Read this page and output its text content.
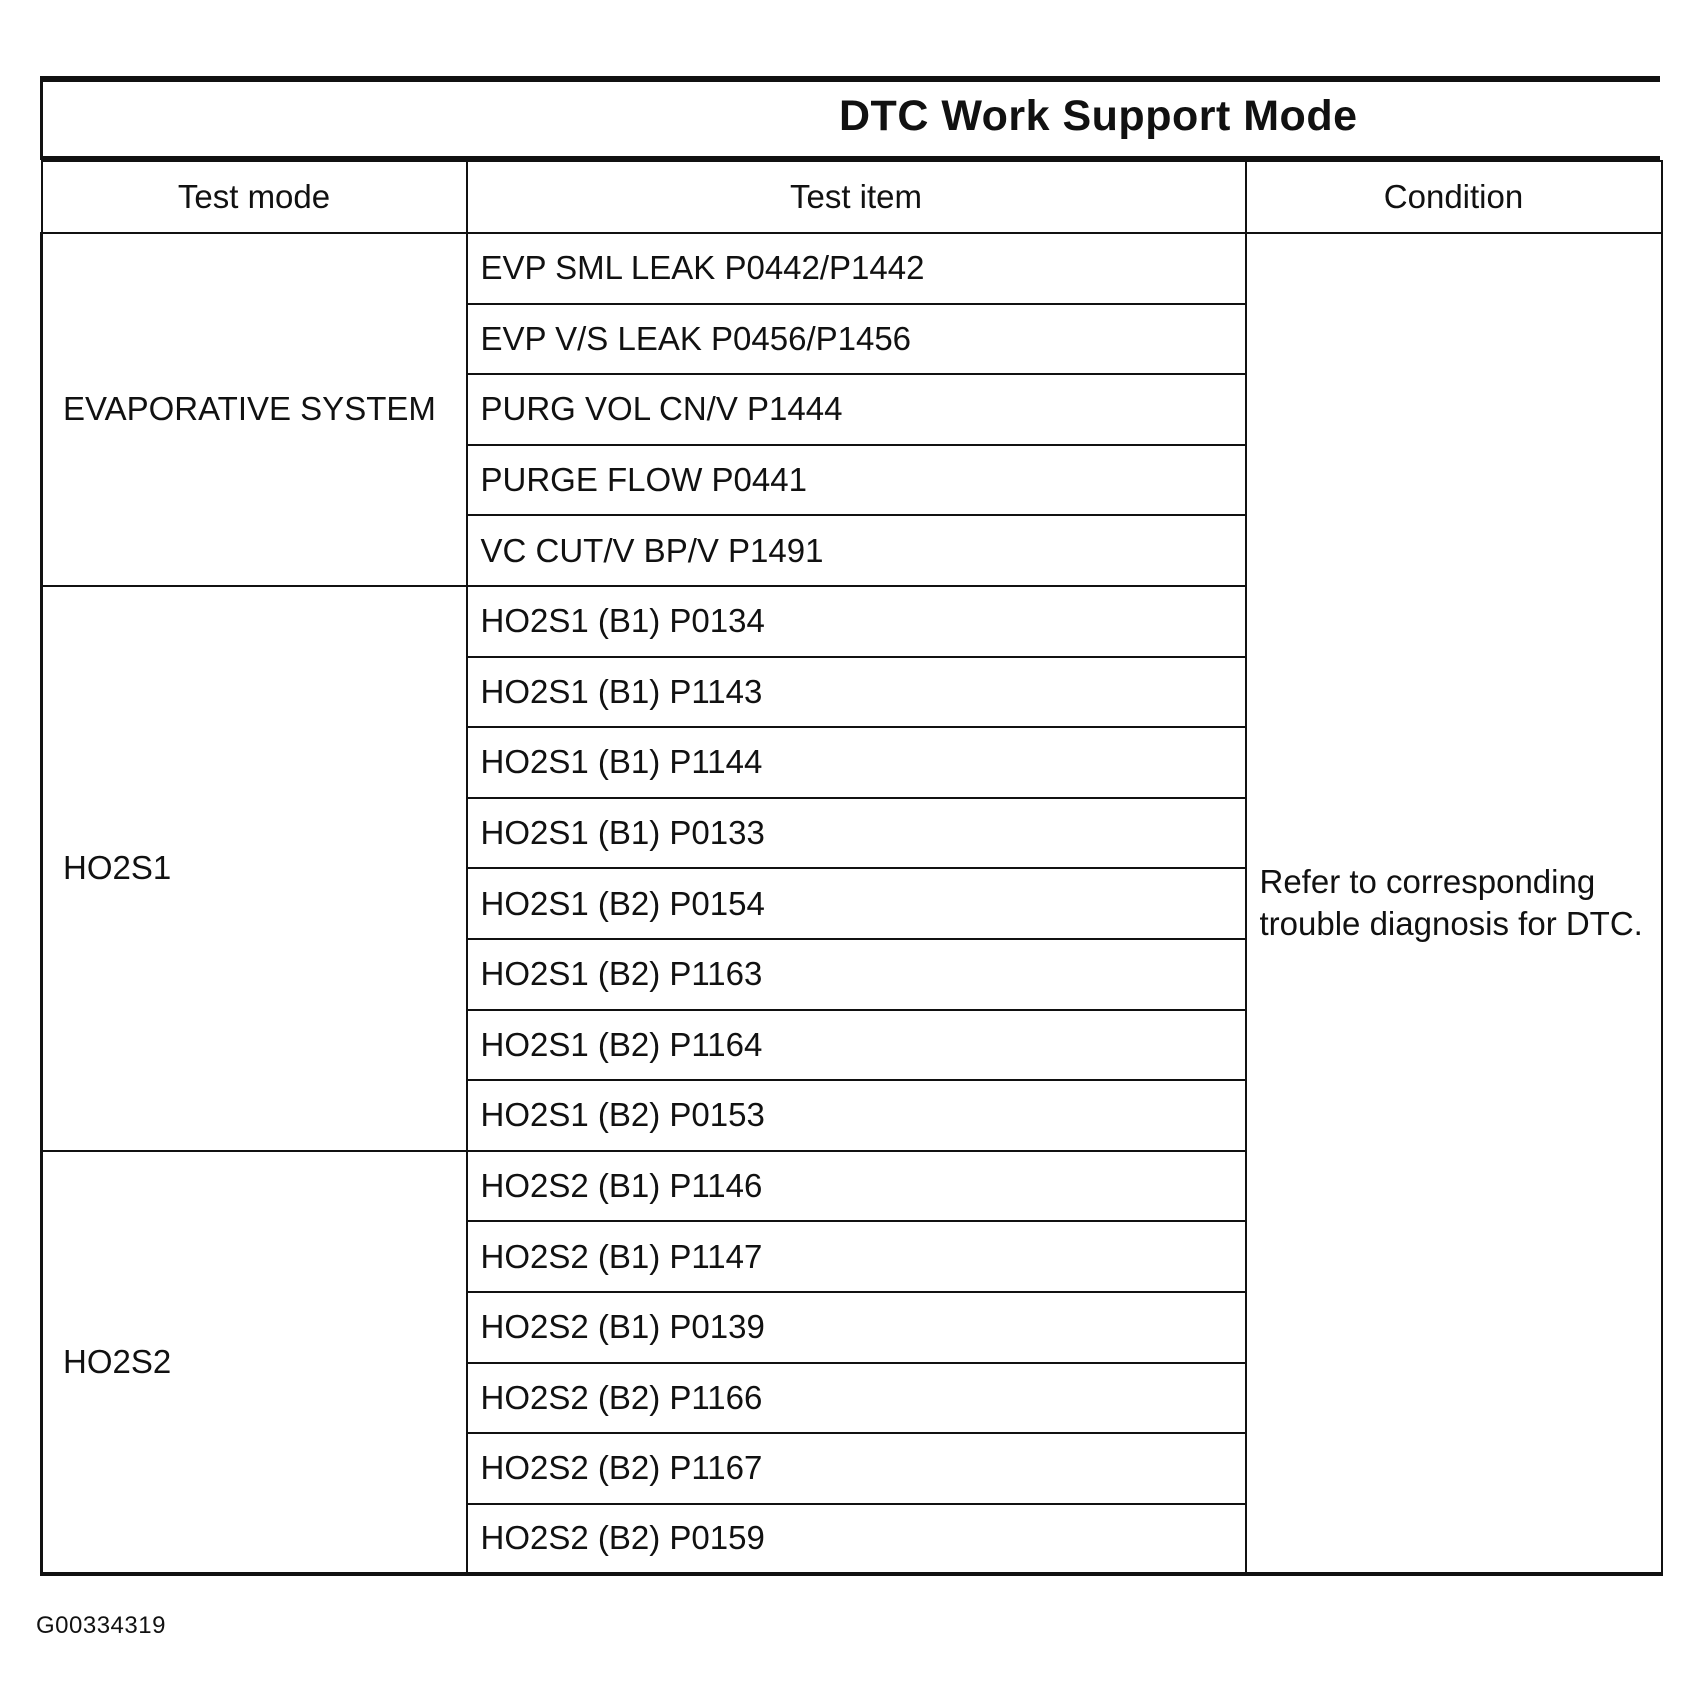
DTC Work Support Mode
Test mode	Test item	Condition
EVAPORATIVE SYSTEM	EVP SML LEAK P0442/P1442	Refer to corresponding trouble diagnosis for DTC.
	EVP V/S LEAK P0456/P1456	
	PURG VOL CN/V P1444	
	PURGE FLOW P0441	
	VC CUT/V BP/V P1491	
HO2S1	HO2S1 (B1) P0134	
	HO2S1 (B1) P1143	
	HO2S1 (B1) P1144	
	HO2S1 (B1) P0133	
	HO2S1 (B2) P0154	
	HO2S1 (B2) P1163	
	HO2S1 (B2) P1164	
	HO2S1 (B2) P0153	
HO2S2	HO2S2 (B1) P1146	
	HO2S2 (B1) P1147	
	HO2S2 (B1) P0139	
	HO2S2 (B2) P1166	
	HO2S2 (B2) P1167	
	HO2S2 (B2) P0159	
G00334319
